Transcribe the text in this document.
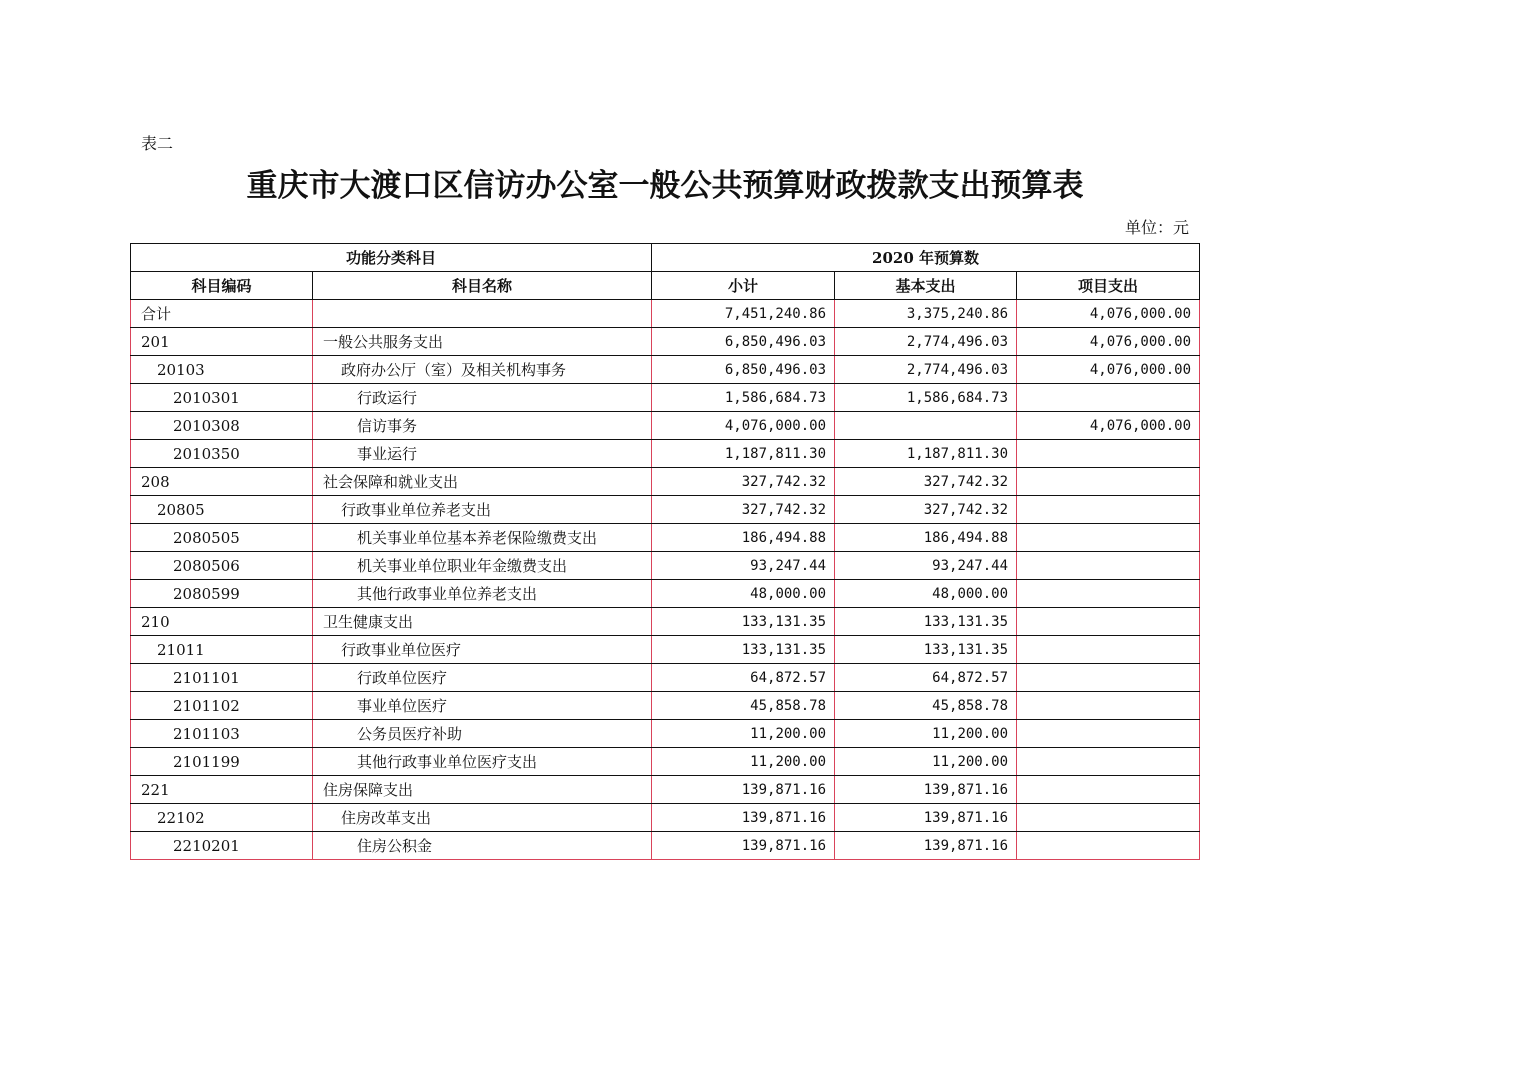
表二
重庆市大渡口区信访办公室一般公共预算财政拨款支出预算表
单位：元
功能分类科目		2020 年预算数		
科目编码	科目名称	小计	基本支出	项目支出
合计		7,451,240.86	3,375,240.86	4,076,000.00
201	一般公共服务支出	6,850,496.03	2,774,496.03	4,076,000.00
20103	政府办公厅（室）及相关机构事务	6,850,496.03	2,774,496.03	4,076,000.00
2010301	行政运行	1,586,684.73	1,586,684.73	
2010308	信访事务	4,076,000.00		4,076,000.00
2010350	事业运行	1,187,811.30	1,187,811.30	
208	社会保障和就业支出	327,742.32	327,742.32	
20805	行政事业单位养老支出	327,742.32	327,742.32	
2080505	机关事业单位基本养老保险缴费支出	186,494.88	186,494.88	
2080506	机关事业单位职业年金缴费支出	93,247.44	93,247.44	
2080599	其他行政事业单位养老支出	48,000.00	48,000.00	
210	卫生健康支出	133,131.35	133,131.35	
21011	行政事业单位医疗	133,131.35	133,131.35	
2101101	行政单位医疗	64,872.57	64,872.57	
2101102	事业单位医疗	45,858.78	45,858.78	
2101103	公务员医疗补助	11,200.00	11,200.00	
2101199	其他行政事业单位医疗支出	11,200.00	11,200.00	
221	住房保障支出	139,871.16	139,871.16	
22102	住房改革支出	139,871.16	139,871.16	
2210201	住房公积金	139,871.16	139,871.16	
